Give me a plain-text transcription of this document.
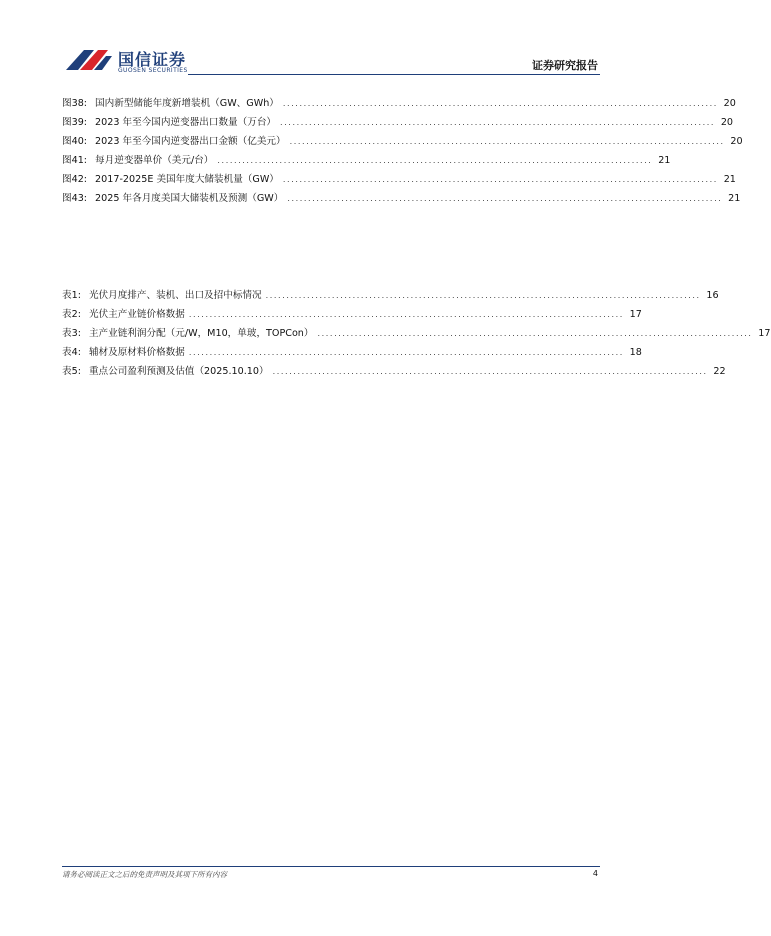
国信证券
GUOSEN SECURITIES	证券研究报告
图38: 国内新型储能年度新增装机（GW、GWh） ......................................................................................................... 20
图39: 2023 年至今国内逆变器出口数量（万台） ......................................................................................................... 20
图40: 2023 年至今国内逆变器出口金额（亿美元） ......................................................................................................... 20
图41: 每月逆变器单价（美元/台） ......................................................................................................... 21
图42: 2017-2025E 美国年度大储装机量（GW） ......................................................................................................... 21
图43: 2025 年各月度美国大储装机及预测（GW） ......................................................................................................... 21
表1: 光伏月度排产、装机、出口及招中标情况 ......................................................................................................... 16
表2: 光伏主产业链价格数据 ......................................................................................................... 17
表3: 主产业链利润分配（元/W，M10，单玻，TOPCon） ......................................................................................................... 17
表4: 辅材及原材料价格数据 ......................................................................................................... 18
表5: 重点公司盈利预测及估值（2025.10.10） ......................................................................................................... 22
请务必阅读正文之后的免责声明及其项下所有内容	4
